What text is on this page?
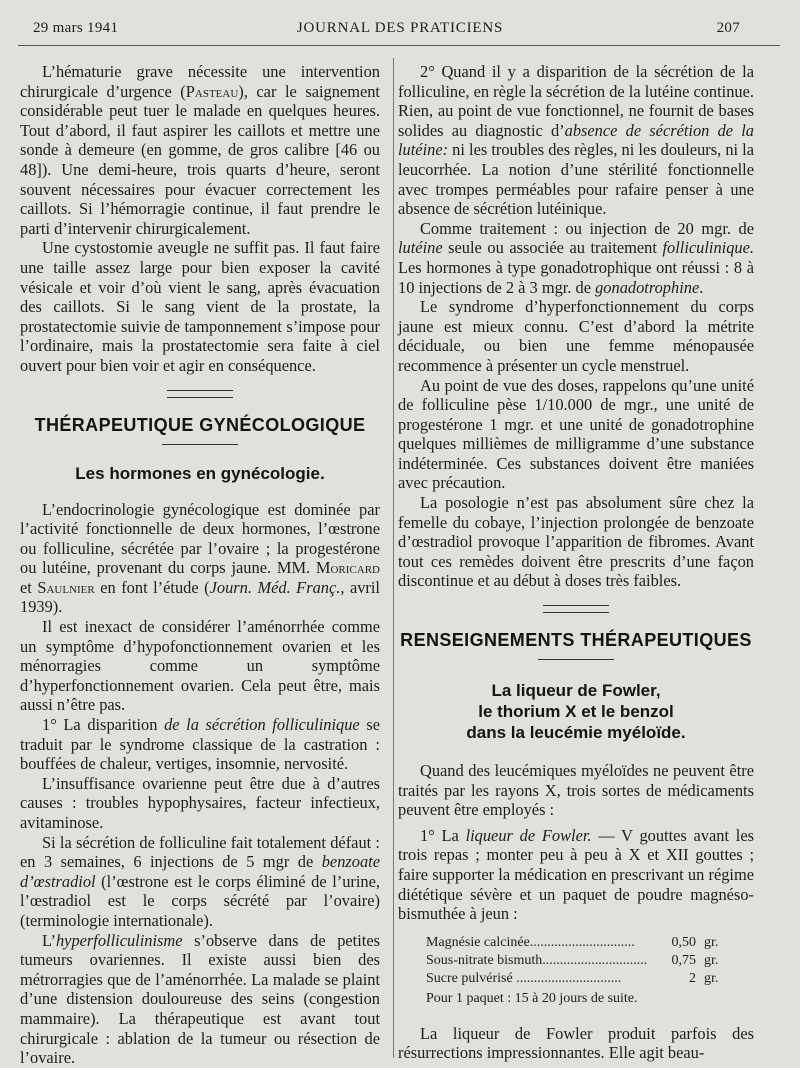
29 mars 1941	JOURNAL DES PRATICIENS	207

L’hématurie grave nécessite une intervention chirurgicale d’urgence (Pasteau), car le saignement considérable peut tuer le malade en quelques heures. Tout d’abord, il faut aspirer les caillots et mettre une sonde à demeure (en gomme, de gros calibre [46 ou 48]). Une demi-heure, trois quarts d’heure, seront souvent nécessaires pour évacuer correctement les caillots. Si l’hémorragie continue, il faut prendre le parti d’intervenir chirurgicalement.

Une cystostomie aveugle ne suffit pas. Il faut faire une taille assez large pour bien exposer la cavité vésicale et voir d’où vient le sang, après évacuation des caillots. Si le sang vient de la prostate, la prostatectomie suivie de tamponnement s’impose pour l’ordinaire, mais la prostatectomie sera faite à ciel ouvert pour bien voir et agir en conséquence.

THÉRAPEUTIQUE GYNÉCOLOGIQUE
Les hormones en gynécologie.

L’endocrinologie gynécologique est dominée par l’activité fonctionnelle de deux hormones, l’œstrone ou folliculine, sécrétée par l’ovaire ; la progestérone ou lutéine, provenant du corps jaune. MM. Moricard et Saulnier en font l’étude (Journ. Méd. Franç., avril 1939).

Il est inexact de considérer l’aménorrhée comme un symptôme d’hypofonctionnement ovarien et les ménorragies comme un symptôme d’hyperfonctionnement ovarien. Cela peut être, mais aussi n’être pas.

1° La disparition de la sécrétion folliculinique se traduit par le syndrome classique de la castration : bouffées de chaleur, vertiges, insomnie, nervosité.

L’insuffisance ovarienne peut être due à d’autres causes : troubles hypophysaires, facteur infectieux, avitaminose.

Si la sécrétion de folliculine fait totalement défaut : en 3 semaines, 6 injections de 5 mgr de benzoate d’œstradiol (l’œstrone est le corps éliminé de l’urine, l’œstradiol est le corps sécrété par l’ovaire) (terminologie internationale).

L’hyperfolliculinisme s’observe dans de petites tumeurs ovariennes. Il existe aussi bien des métrorragies que de l’aménorrhée. La malade se plaint d’une distension douloureuse des seins (congestion mammaire). La thérapeutique est avant tout chirurgicale : ablation de la tumeur ou résection de l’ovaire.

2° Quand il y a disparition de la sécrétion de la folliculine, en règle la sécrétion de la lutéine continue. Rien, au point de vue fonctionnel, ne fournit de bases solides au diagnostic d’absence de sécrétion de la lutéine: ni les troubles des règles, ni les douleurs, ni la leucorrhée. La notion d’une stérilité fonctionnelle avec trompes perméables pour rafaire penser à une absence de sécrétion lutéinique.

Comme traitement : ou injection de 20 mgr. de lutéine seule ou associée au traitement folliculinique. Les hormones à type gonadotrophique ont réussi : 8 à 10 injections de 2 à 3 mgr. de gonadotrophine.

Le syndrome d’hyperfonctionnement du corps jaune est mieux connu. C’est d’abord la métrite déciduale, ou bien une femme ménopausée recommence à présenter un cycle menstruel.

Au point de vue des doses, rappelons qu’une unité de folliculine pèse 1/10.000 de mgr., une unité de progestérone 1 mgr. et une unité de gonadotrophine quelques millièmes de milligramme d’une substance indéterminée. Ces substances doivent être maniées avec précaution.

La posologie n’est pas absolument sûre chez la femelle du cobaye, l’injection prolongée de benzoate d’œstradiol provoque l’apparition de fibromes. Avant tout ces remèdes doivent être prescrits d’une façon discontinue et au début à doses très faibles.

RENSEIGNEMENTS THÉRAPEUTIQUES
La liqueur de Fowler,
le thorium X et le benzol
dans la leucémie myéloïde.

Quand des leucémiques myéloïdes ne peuvent être traités par les rayons X, trois sortes de médicaments peuvent être employés :

1° La liqueur de Fowler. — V gouttes avant les trois repas ; monter peu à peu à X et XII gouttes ; faire supporter la médication en prescrivant un régime diététique sévère et un paquet de poudre magnéso-bismuthée à jeun :

Magnésie calcinée..............................	0,50 gr.
Sous-nitrate bismuth..............................	0,75 gr.
Sucre pulvérisé ..............................	2 gr.
Pour 1 paquet : 15 à 20 jours de suite.

La liqueur de Fowler produit parfois des résurrections impressionnantes. Elle agit beau-
